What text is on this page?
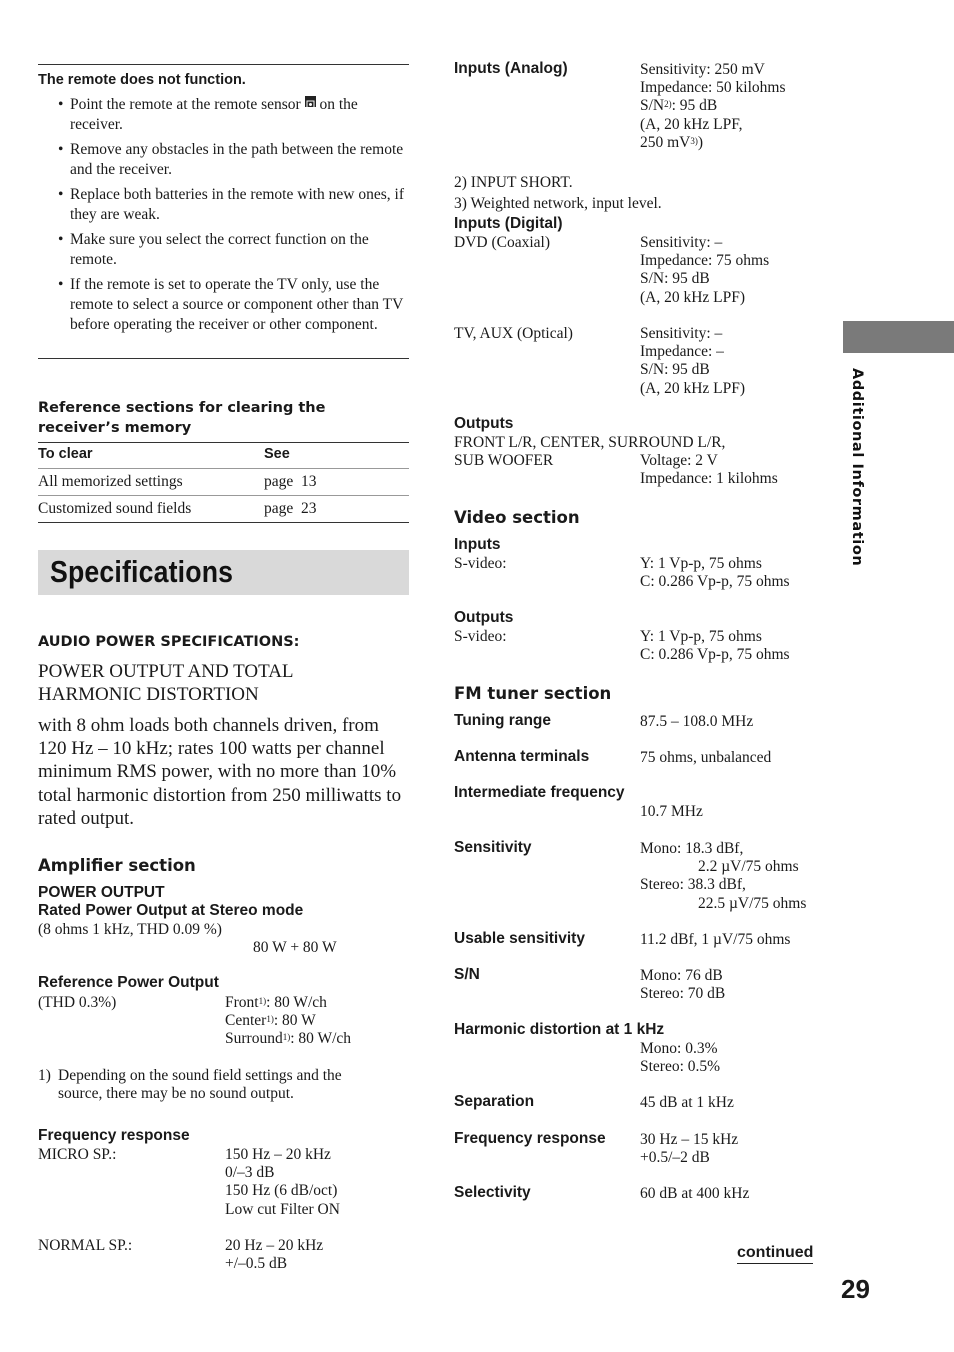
The remote does not function.
• Point the remote at the remote sensor on the receiver.
• Remove any obstacles in the path between the remote and the receiver.
• Replace both batteries in the remote with new ones, if they are weak.
• Make sure you select the correct function on the remote.
• If the remote is set to operate the TV only, use the remote to select a source or component other than TV before operating the receiver or other component.
Reference sections for clearing the receiver’s memory
To clear	See
All memorized settings	page  13
Customized sound fields	page  23
Specifications
AUDIO POWER SPECIFICATIONS:
POWER OUTPUT AND TOTAL HARMONIC DISTORTION
with 8 ohm loads both channels driven, from 120 Hz – 10 kHz; rates 100 watts per channel minimum RMS power, with no more than 10% total harmonic distortion from 250 milliwatts to rated output.
Amplifier section
POWER OUTPUT
Rated Power Output at Stereo mode
(8 ohms 1 kHz, THD 0.09 %)
80 W + 80 W
Reference Power Output
(THD 0.3%)	Front$^{1)}$: 80 W/ch
Center$^{1)}$: 80 W
Surround$^{1)}$: 80 W/ch
1) Depending on the sound field settings and the source, there may be no sound output.
Frequency response
MICRO SP.:	150 Hz – 20 kHz
0/–3 dB
150 Hz (6 dB/oct)
Low cut Filter ON
NORMAL SP.:	20 Hz – 20 kHz
+/–0.5 dB
Inputs (Analog)	Sensitivity: 250 mV
Impedance: 50 kilohms
$S/N^{2)}$: 95 dB
(A, 20 kHz LPF,
250 $mV^{3)}$)
2) INPUT SHORT.
3) Weighted network, input level.
Inputs (Digital)
DVD (Coaxial)	Sensitivity: –
Impedance: 75 ohms
S/N: 95 dB
(A, 20 kHz LPF)
TV, AUX (Optical)	Sensitivity: –
Impedance: –
S/N: 95 dB
(A, 20 kHz LPF)
Outputs
FRONT L/R, CENTER, SURROUND L/R,
SUB WOOFER	Voltage: 2 V
Impedance: 1 kilohms
Video section
Inputs
S-video:	Y: 1 Vp-p, 75 ohms
C: 0.286 Vp-p, 75 ohms
Outputs
S-video:	Y: 1 Vp-p, 75 ohms
C: 0.286 Vp-p, 75 ohms
FM tuner section
Tuning range	87.5 – 108.0 MHz
Antenna terminals	75 ohms, unbalanced
Intermediate frequency
10.7 MHz
Sensitivity	Mono: 18.3 dBf,
2.2 µV/75 ohms
Stereo: 38.3 dBf,
22.5 µV/75 ohms
Usable sensitivity	11.2 dBf, 1 µV/75 ohms
S/N	Mono: 76 dB
Stereo: 70 dB
Harmonic distortion at 1 kHz
Mono: 0.3%
Stereo: 0.5%
Separation	45 dB at 1 kHz
Frequency response 30 Hz – 15 kHz
+0.5/–2 dB
Selectivity	60 dB at 400 kHz
continued
29
Additional Information
